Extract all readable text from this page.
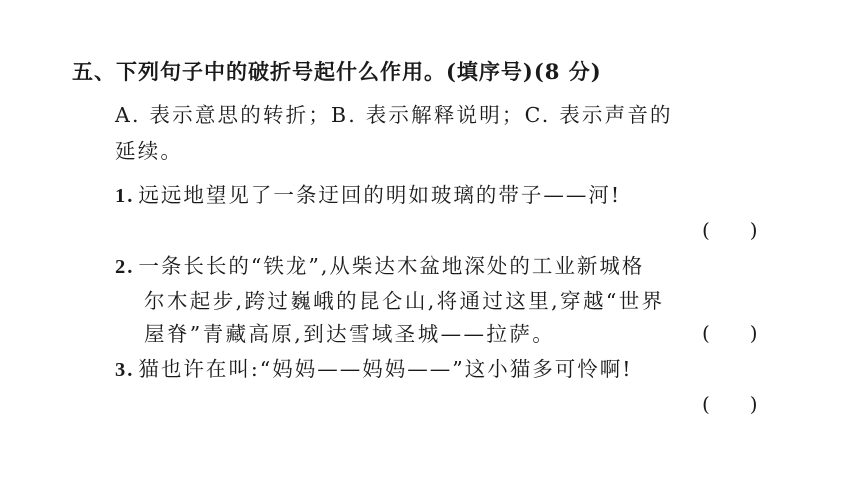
五、下列句子中的破折号起什么作用。(填序号)(8 分)
A. 表示意思的转折；B. 表示解释说明；C. 表示声音的
延续。
1. 远远地望见了一条迂回的明如玻璃的带子——河!
(　　)
2. 一条长长的“铁龙”,从柴达木盆地深处的工业新城格
尔木起步,跨过巍峨的昆仑山,将通过这里,穿越“世界
屋脊”青藏高原,到达雪域圣城——拉萨。	(　　)
3. 猫也许在叫:“妈妈——妈妈——”这小猫多可怜啊!
(　　)
